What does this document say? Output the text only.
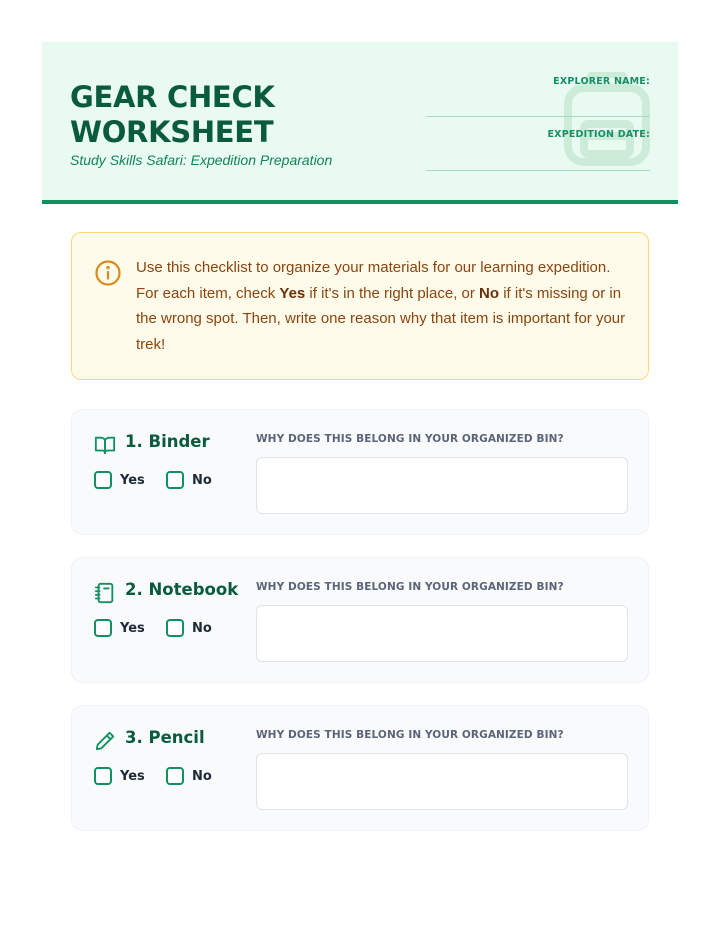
GEAR CHECK
WORKSHEET
Study Skills Safari: Expedition Preparation
EXPLORER NAME:
EXPEDITION DATE:
Use this checklist to organize your materials for our learning expedition. For each item, check Yes if it's in the right place, or No if it's missing or in the wrong spot. Then, write one reason why that item is important for your trek!
1. Binder
Yes	No
WHY DOES THIS BELONG IN YOUR ORGANIZED BIN?
2. Notebook
Yes	No
WHY DOES THIS BELONG IN YOUR ORGANIZED BIN?
3. Pencil
Yes	No
WHY DOES THIS BELONG IN YOUR ORGANIZED BIN?
